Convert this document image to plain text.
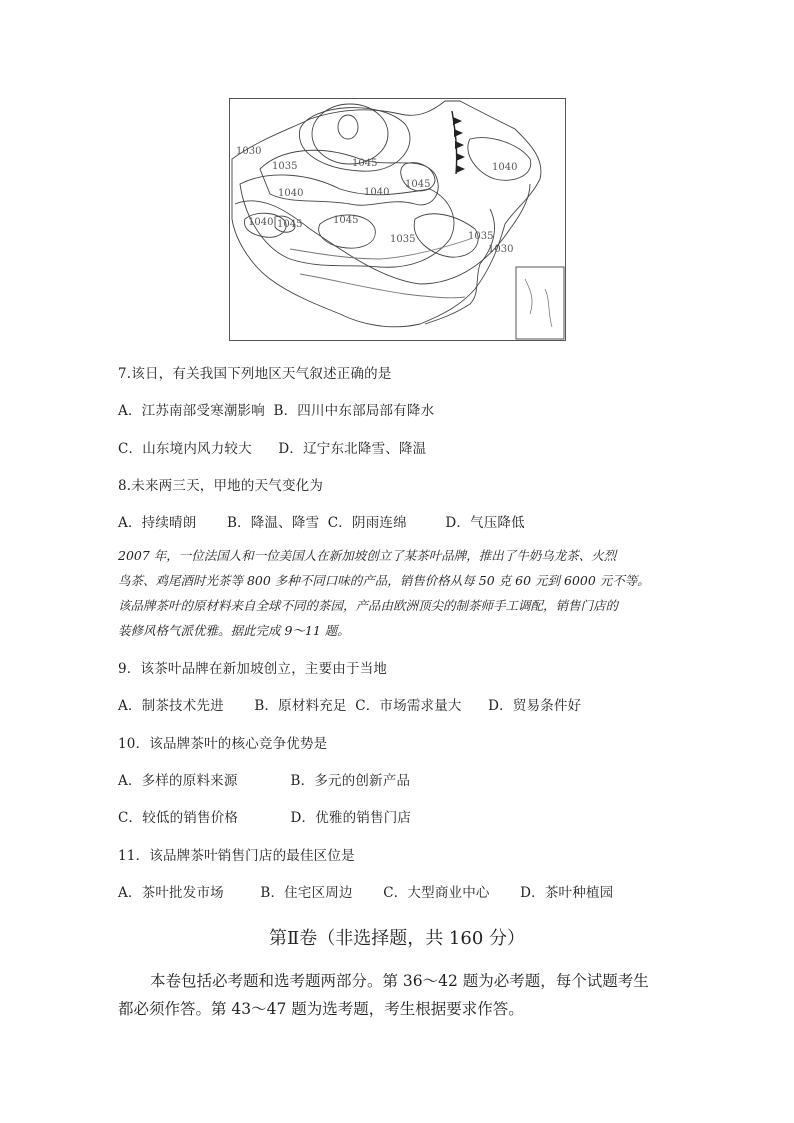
1030
1035	1045
1040	1040
1045
1040 1045	1045
1035	1035
1030
1040
7.该日，有关我国下列地区天气叙述正确的是
A．江苏南部受寒潮影响 B．四川中东部局部有降水
C．山东境内风力较大 D．辽宁东北降雪、降温
8.未来两三天，甲地的天气变化为
A．持续晴朗 B．降温、降雪 C．阴雨连绵	D．气压降低
2007 年，一位法国人和一位美国人在新加坡创立了某茶叶品牌，推出了牛奶乌龙茶、火烈
鸟茶、鸡尾酒时光茶等 800 多种不同口味的产品，销售价格从每 50 克 60 元到 6000 元不等。
该品牌茶叶的原材料来自全球不同的茶园，产品由欧洲顶尖的制茶师手工调配，销售门店的
装修风格气派优雅。据此完成 9～11 题。
9．该茶叶品牌在新加坡创立，主要由于当地
A．制茶技术先进 B．原材料充足 C．市场需求量大 D．贸易条件好
10．该品牌茶叶的核心竞争优势是
A．多样的原料来源	B．多元的创新产品
C．较低的销售价格	D．优雅的销售门店
11．该品牌茶叶销售门店的最佳区位是
A．茶叶批发市场	B．住宅区周边 C．大型商业中心 D．茶叶种植园
第Ⅱ卷（非选择题，共 160 分）
本卷包括必考题和选考题两部分。第 36～42 题为必考题，每个试题考生
都必须作答。第 43～47 题为选考题，考生根据要求作答。
